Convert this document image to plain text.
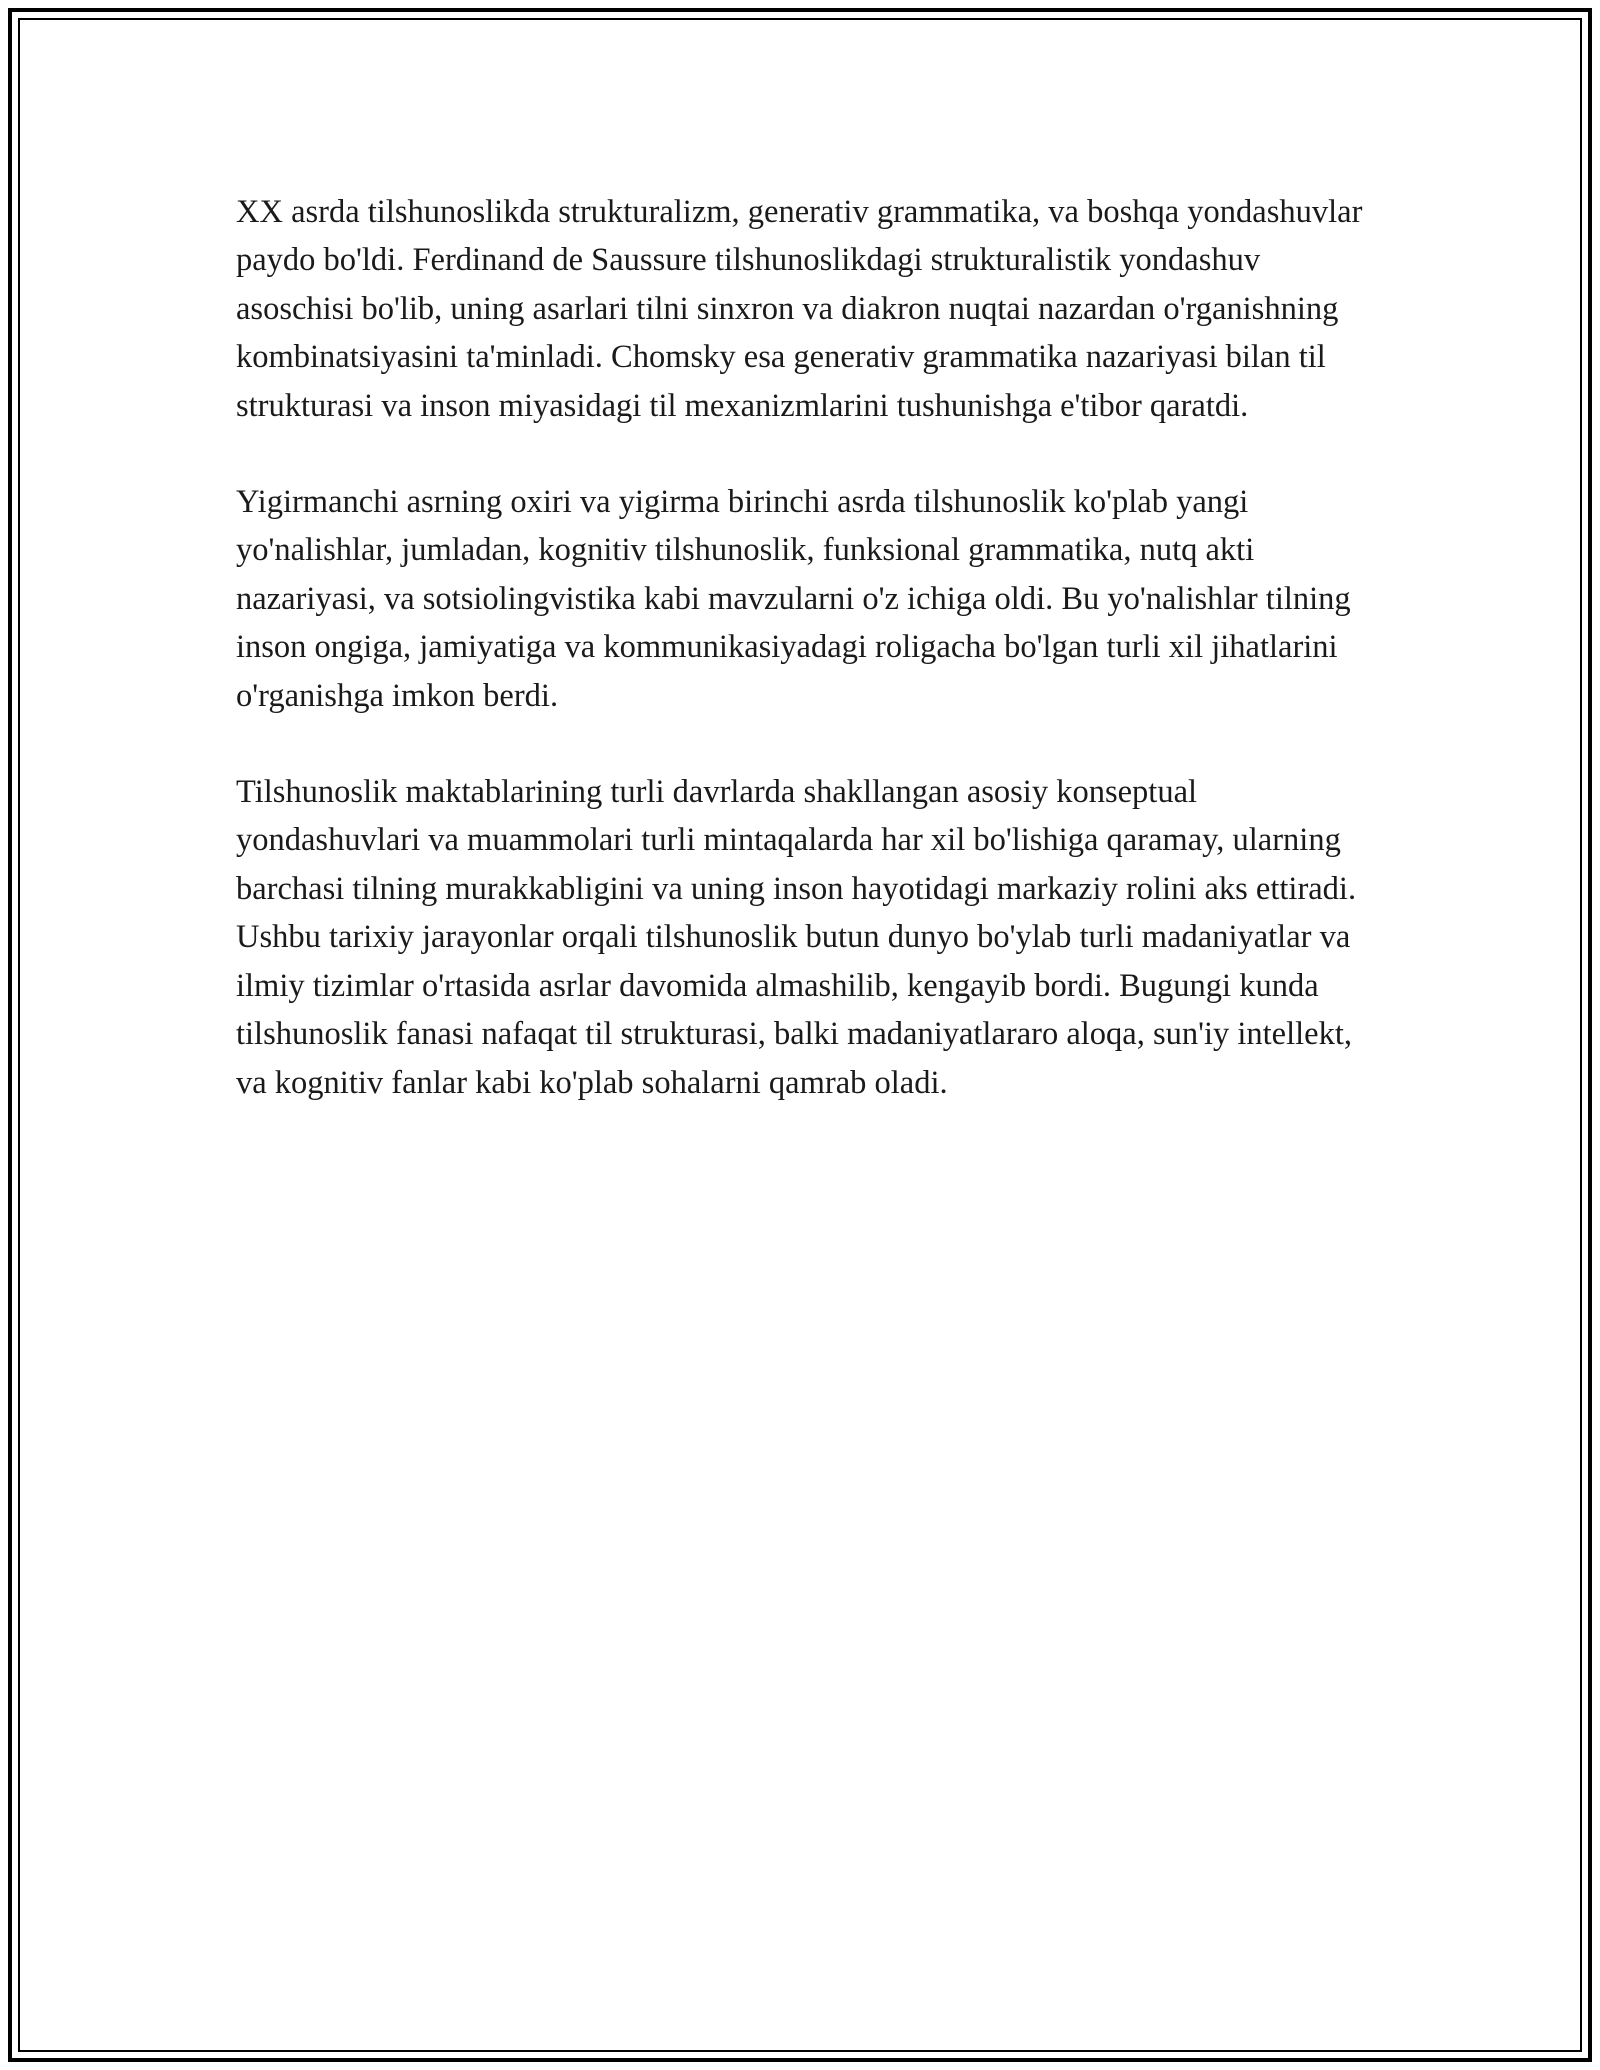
XX asrda tilshunoslikda strukturalizm, generativ grammatika, va boshqa yondashuvlar paydo bo'ldi. Ferdinand de Saussure tilshunoslikdagi strukturalistik yondashuv asoschisi bo'lib, uning asarlari tilni sinxron va diakron nuqtai nazardan o'rganishning kombinatsiyasini ta'minladi. Chomsky esa generativ grammatika nazariyasi bilan til strukturasi va inson miyasidagi til mexanizmlarini tushunishga e'tibor qaratdi.

Yigirmanchi asrning oxiri va yigirma birinchi asrda tilshunoslik ko'plab yangi yo'nalishlar, jumladan, kognitiv tilshunoslik, funksional grammatika, nutq akti nazariyasi, va sotsiolingvistika kabi mavzularni o'z ichiga oldi. Bu yo'nalishlar tilning inson ongiga, jamiyatiga va kommunikasiyadagi roligacha bo'lgan turli xil jihatlarini o'rganishga imkon berdi.

Tilshunoslik maktablarining turli davrlarda shakllangan asosiy konseptual yondashuvlari va muammolari turli mintaqalarda har xil bo'lishiga qaramay, ularning barchasi tilning murakkabligini va uning inson hayotidagi markaziy rolini aks ettiradi. Ushbu tarixiy jarayonlar orqali tilshunoslik butun dunyo bo'ylab turli madaniyatlar va ilmiy tizimlar o'rtasida asrlar davomida almashilib, kengayib bordi. Bugungi kunda tilshunoslik fanasi nafaqat til strukturasi, balki madaniyatlararo aloqa, sun'iy intellekt, va kognitiv fanlar kabi ko'plab sohalarni qamrab oladi.
